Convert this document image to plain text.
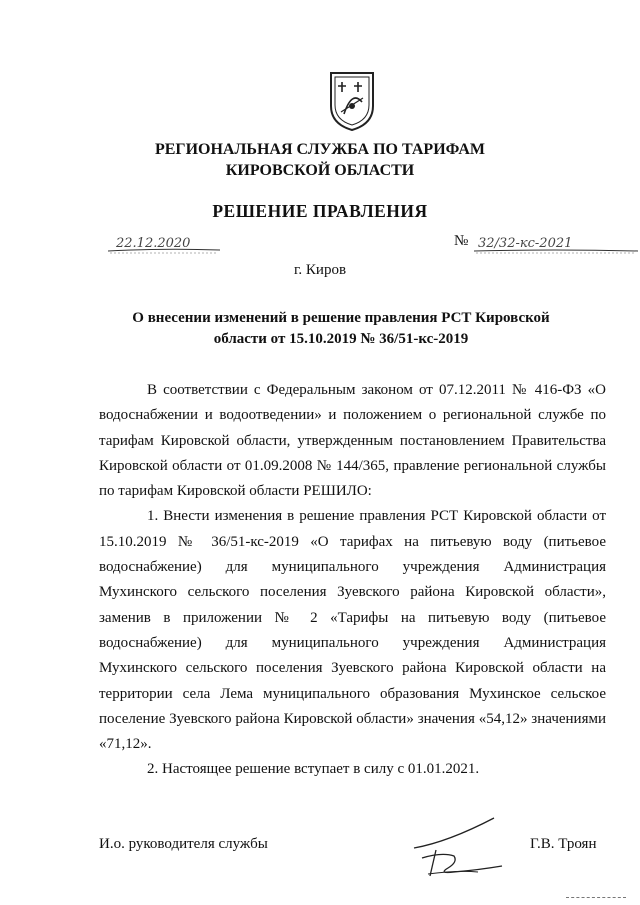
РЕГИОНАЛЬНАЯ СЛУЖБА ПО ТАРИФАМ
КИРОВСКОЙ ОБЛАСТИ
РЕШЕНИЕ ПРАВЛЕНИЯ
22.12.2020	№ 32/32-кс-2021
г. Киров
О внесении изменений в решение правления РСТ Кировской области от 15.10.2019 № 36/51-кс-2019

В соответствии с Федеральным законом от 07.12.2011 № 416-ФЗ «О водоснабжении и водоотведении» и положением о региональной службе по тарифам Кировской области, утвержденным постановлением Правительства Кировской области от 01.09.2008 № 144/365, правление региональной службы по тарифам Кировской области РЕШИЛО:

1. Внести изменения в решение правления РСТ Кировской области от 15.10.2019 № 36/51-кс-2019 «О тарифах на питьевую воду (питьевое водоснабжение) для муниципального учреждения Администрация Мухинского сельского поселения Зуевского района Кировской области», заменив в приложении № 2 «Тарифы на питьевую воду (питьевое водоснабжение) для муниципального учреждения Администрация Мухинского сельского поселения Зуевского района Кировской области на территории села Лема муниципального образования Мухинское сельское поселение Зуевского района Кировской области» значения «54,12» значениями «71,12».

2. Настоящее решение вступает в силу с 01.01.2021.

И.о. руководителя службы	Г.В. Троян
